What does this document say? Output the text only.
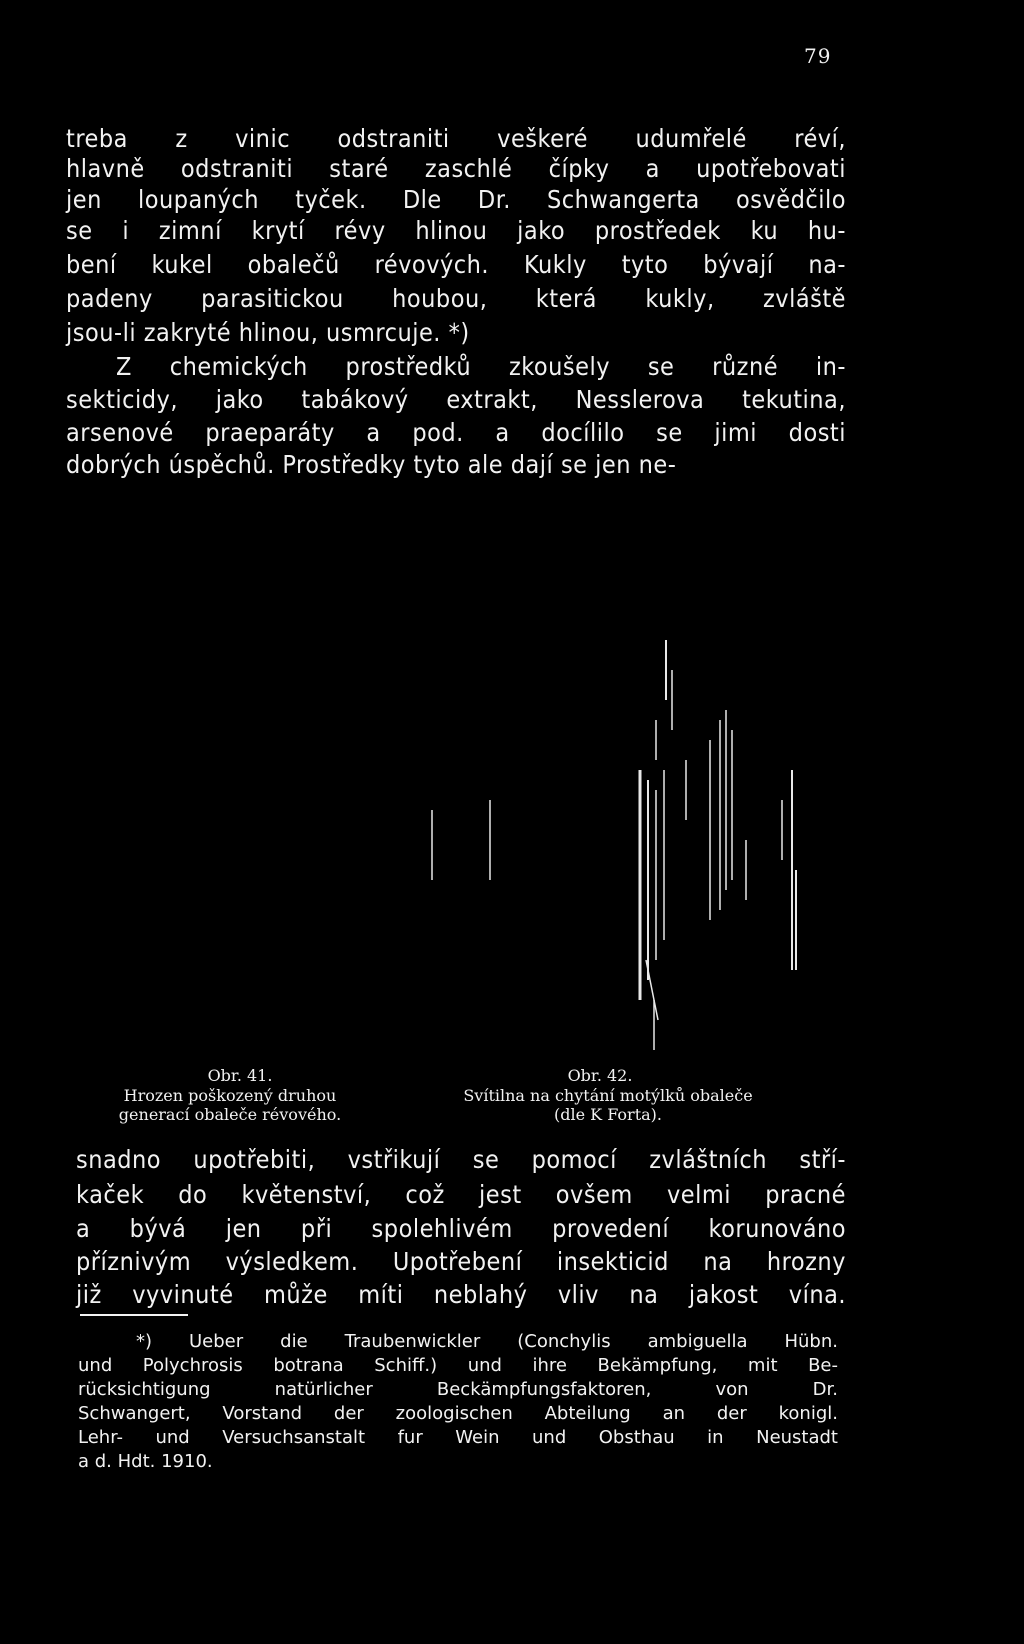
79
treba z vinic odstraniti veškeré udumřelé réví,
hlavně odstraniti staré zaschlé čípky a upotřebovati
jen loupaných tyček. Dle Dr. Schwangerta osvědčilo
se i zimní krytí révy hlinou jako prostředek ku hu-
bení kukel obalečů révových. Kukly tyto bývají na-
padeny parasitickou houbou, která kukly, zvláště
jsou-li zakryté hlinou, usmrcuje. *)
Z chemických prostředků zkoušely se různé in-
sekticidy, jako tabákový extrakt, Nesslerova tekutina,
arsenové praeparáty a pod. a docílilo se jimi dosti
dobrých úspěchů. Prostředky tyto ale dají se jen ne-
Obr. 41.
Hrozen poškozený druhou
generací obaleče révového.
Obr. 42.
Svítilna na chytání motýlků obaleče
(dle K Forta).
snadno upotřebiti, vstřikují se pomocí zvláštních stří-
kaček do květenství, což jest ovšem velmi pracné
a bývá jen při spolehlivém provedení korunováno
příznivým výsledkem. Upotřebení insekticid na hrozny
již vyvinuté může míti neblahý vliv na jakost vína.
*) Ueber die Traubenwickler (Conchylis ambiguella Hübn.
und Polychrosis botrana Schiff.) und ihre Bekämpfung, mit Be-
rücksichtigung natürlicher Beckämpfungsfaktoren, von Dr.
Schwangert, Vorstand der zoologischen Abteilung an der konigl.
Lehr- und Versuchsanstalt fur Wein und Obsthau in Neustadt
a d. Hdt. 1910.
